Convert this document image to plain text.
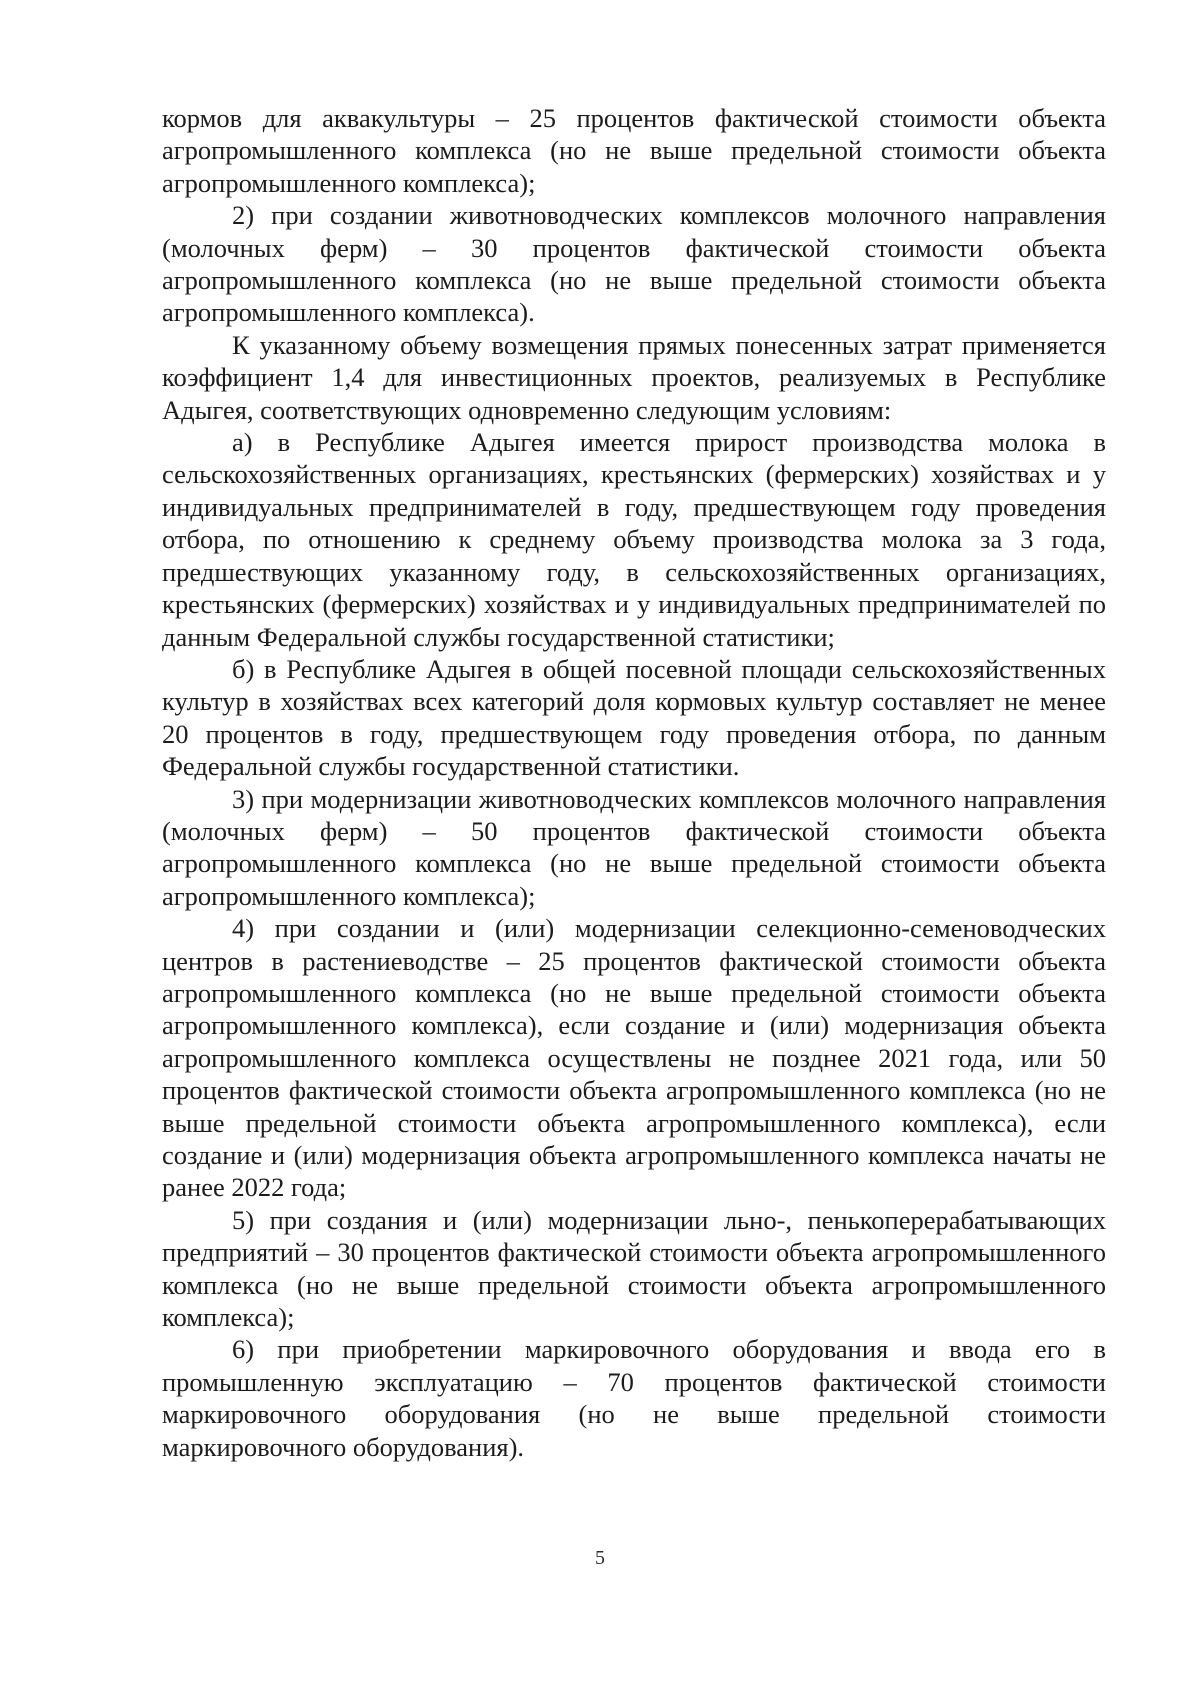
кормов для аквакультуры – 25 процентов фактической стоимости объекта агропромышленного комплекса (но не выше предельной стоимости объекта агропромышленного комплекса);

2) при создании животноводческих комплексов молочного направления (молочных ферм) – 30 процентов фактической стоимости объекта агропромышленного комплекса (но не выше предельной стоимости объекта агропромышленного комплекса).

К указанному объему возмещения прямых понесенных затрат применяется коэффициент 1,4 для инвестиционных проектов, реализуемых в Республике Адыгея, соответствующих одновременно следующим условиям:

а) в Республике Адыгея имеется прирост производства молока в сельскохозяйственных организациях, крестьянских (фермерских) хозяйствах и у индивидуальных предпринимателей в году, предшествующем году проведения отбора, по отношению к среднему объему производства молока за 3 года, предшествующих указанному году, в сельскохозяйственных организациях, крестьянских (фермерских) хозяйствах и у индивидуальных предпринимателей по данным Федеральной службы государственной статистики;

б) в Республике Адыгея в общей посевной площади сельскохозяйственных культур в хозяйствах всех категорий доля кормовых культур составляет не менее 20 процентов в году, предшествующем году проведения отбора, по данным Федеральной службы государственной статистики.

3) при модернизации животноводческих комплексов молочного направления (молочных ферм) – 50 процентов фактической стоимости объекта агропромышленного комплекса (но не выше предельной стоимости объекта агропромышленного комплекса);

4) при создании и (или) модернизации селекционно-семеноводческих центров в растениеводстве – 25 процентов фактической стоимости объекта агропромышленного комплекса (но не выше предельной стоимости объекта агропромышленного комплекса), если создание и (или) модернизация объекта агропромышленного комплекса осуществлены не позднее 2021 года, или 50 процентов фактической стоимости объекта агропромышленного комплекса (но не выше предельной стоимости объекта агропромышленного комплекса), если создание и (или) модернизация объекта агропромышленного комплекса начаты не ранее 2022 года;

5) при создания и (или) модернизации льно-, пенькоперерабатывающих предприятий – 30 процентов фактической стоимости объекта агропромышленного комплекса (но не выше предельной стоимости объекта агропромышленного комплекса);

6) при приобретении маркировочного оборудования и ввода его в промышленную эксплуатацию – 70 процентов фактической стоимости маркировочного оборудования (но не выше предельной стоимости маркировочного оборудования).

5
